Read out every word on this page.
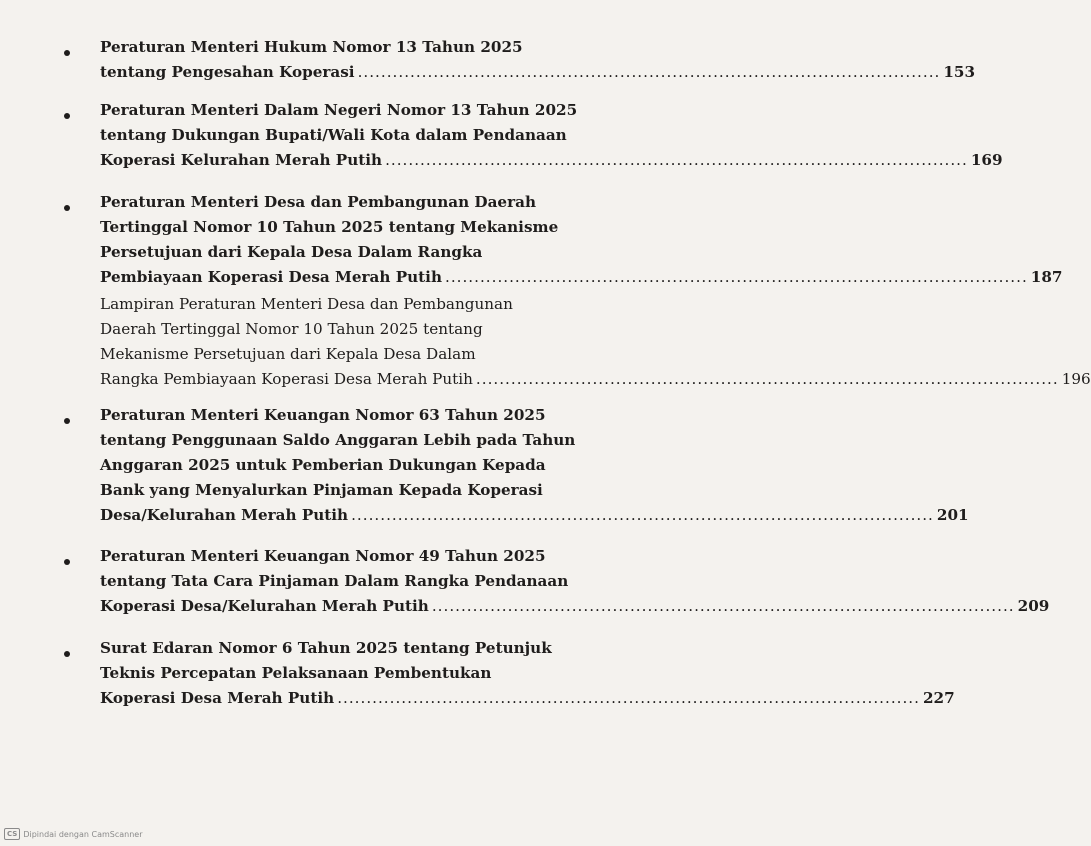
Peraturan Menteri Hukum Nomor 13 Tahun 2025
tentang Pengesahan Koperasi .................................................................................................... 153
Peraturan Menteri Dalam Negeri Nomor 13 Tahun 2025
tentang Dukungan Bupati/Wali Kota dalam Pendanaan
Koperasi Kelurahan Merah Putih .................................................................................................... 169
Peraturan Menteri Desa dan Pembangunan Daerah
Tertinggal Nomor 10 Tahun 2025 tentang Mekanisme
Persetujuan dari Kepala Desa Dalam Rangka
Pembiayaan Koperasi Desa Merah Putih .................................................................................................... 187
Lampiran Peraturan Menteri Desa dan Pembangunan
Daerah Tertinggal Nomor 10 Tahun 2025 tentang
Mekanisme Persetujuan dari Kepala Desa Dalam
Rangka Pembiayaan Koperasi Desa Merah Putih .................................................................................................... 196
Peraturan Menteri Keuangan Nomor 63 Tahun 2025
tentang Penggunaan Saldo Anggaran Lebih pada Tahun
Anggaran 2025 untuk Pemberian Dukungan Kepada
Bank yang Menyalurkan Pinjaman Kepada Koperasi
Desa/Kelurahan Merah Putih .................................................................................................... 201
Peraturan Menteri Keuangan Nomor 49 Tahun 2025
tentang Tata Cara Pinjaman Dalam Rangka Pendanaan
Koperasi Desa/Kelurahan Merah Putih .................................................................................................... 209
Surat Edaran Nomor 6 Tahun 2025 tentang Petunjuk
Teknis Percepatan Pelaksanaan Pembentukan
Koperasi Desa Merah Putih .................................................................................................... 227
CS Dipindai dengan CamScanner
